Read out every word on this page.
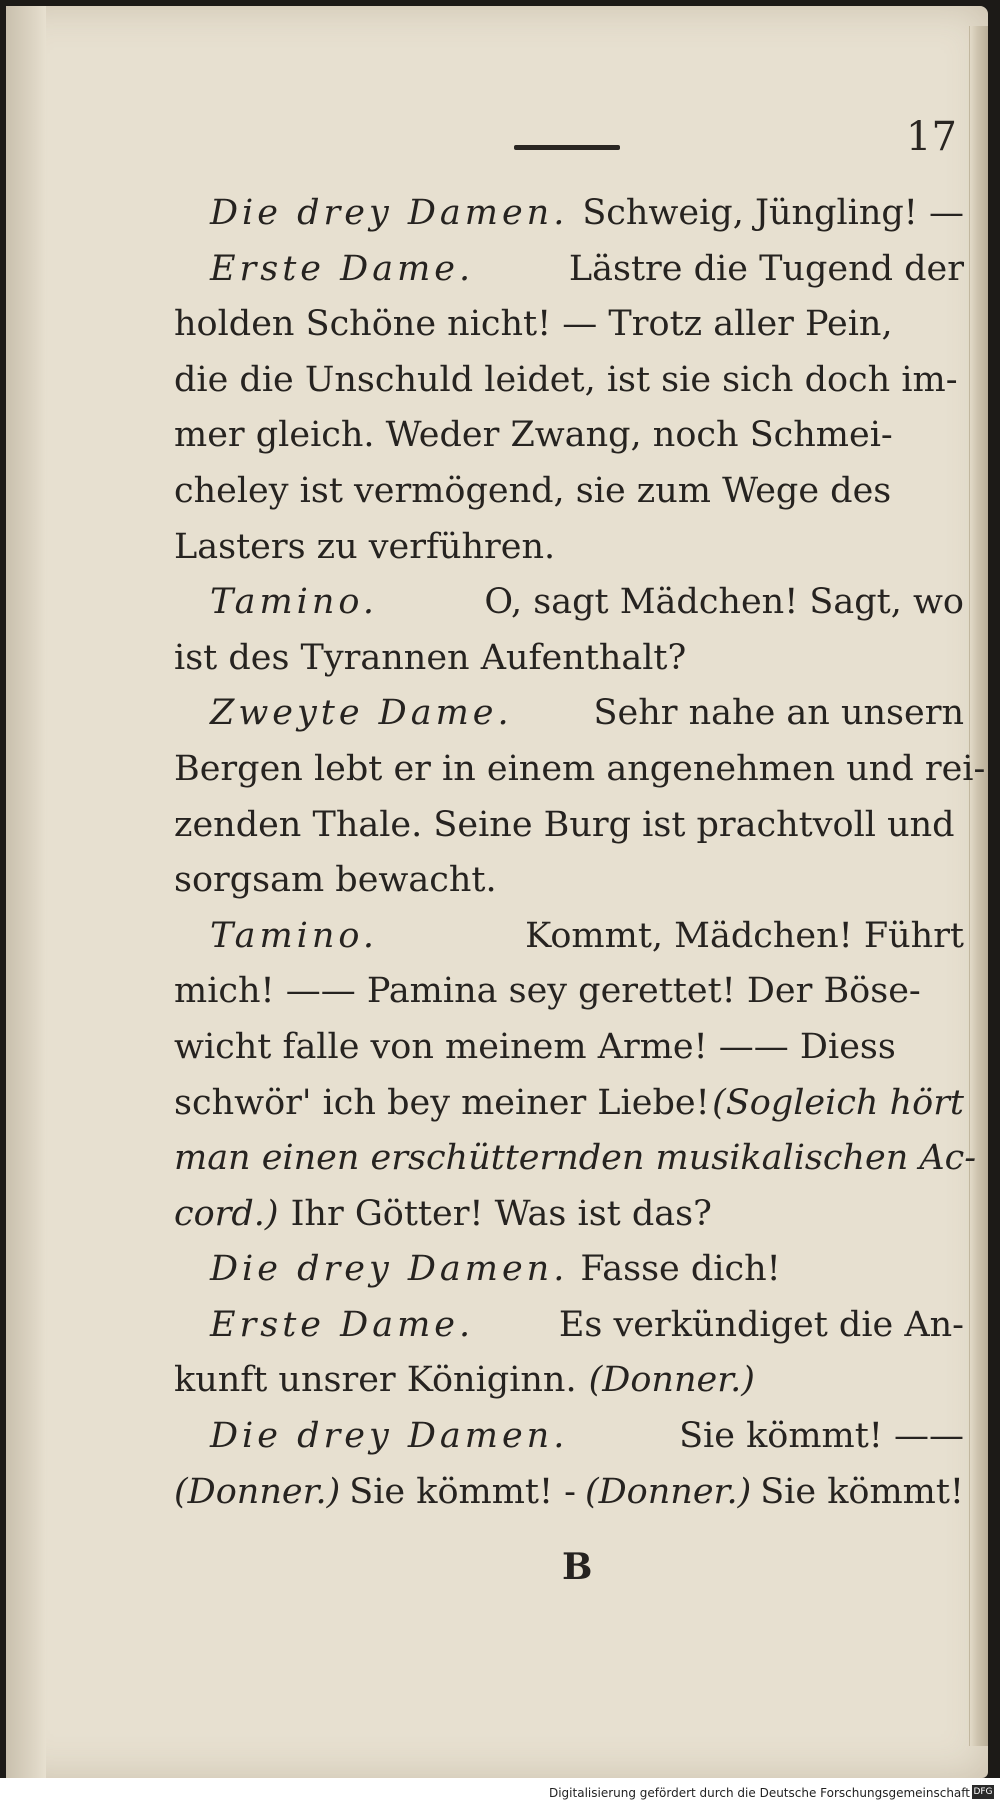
17
Die drey Damen. Schweig, Jüngling! —
Erste Dame.	Lästre die Tugend der
holden Schöne nicht! — Trotz aller Pein,
die die Unschuld leidet, ist sie sich doch im-
mer gleich. Weder Zwang, noch Schmei-
cheley ist vermögend, sie zum Wege des
Lasters zu verführen.
Tamino.	O, sagt Mädchen! Sagt, wo
ist des Tyrannen Aufenthalt?
Zweyte Dame. Sehr nahe an unsern
Bergen lebt er in einem angenehmen und rei-
zenden Thale. Seine Burg ist prachtvoll und
sorgsam bewacht.
Tamino.	Kommt, Mädchen! Führt
mich! —— Pamina sey gerettet! Der Böse-
wicht falle von meinem Arme! —— Diess
schwör' ich bey meiner Liebe! (Sogleich hört
man einen erschütternden musikalischen Ac-
cord.) Ihr Götter! Was ist das?
Die drey Damen. Fasse dich!
Erste Dame. Es verkündiget die An-
kunft unsrer Königinn. (Donner.)
Die drey Damen.	Sie kömmt! ——
(Donner.) Sie kömmt! - (Donner.) Sie kömmt!
B
Digitalisierung gefördert durch die Deutsche Forschungsgemeinschaft DFG
